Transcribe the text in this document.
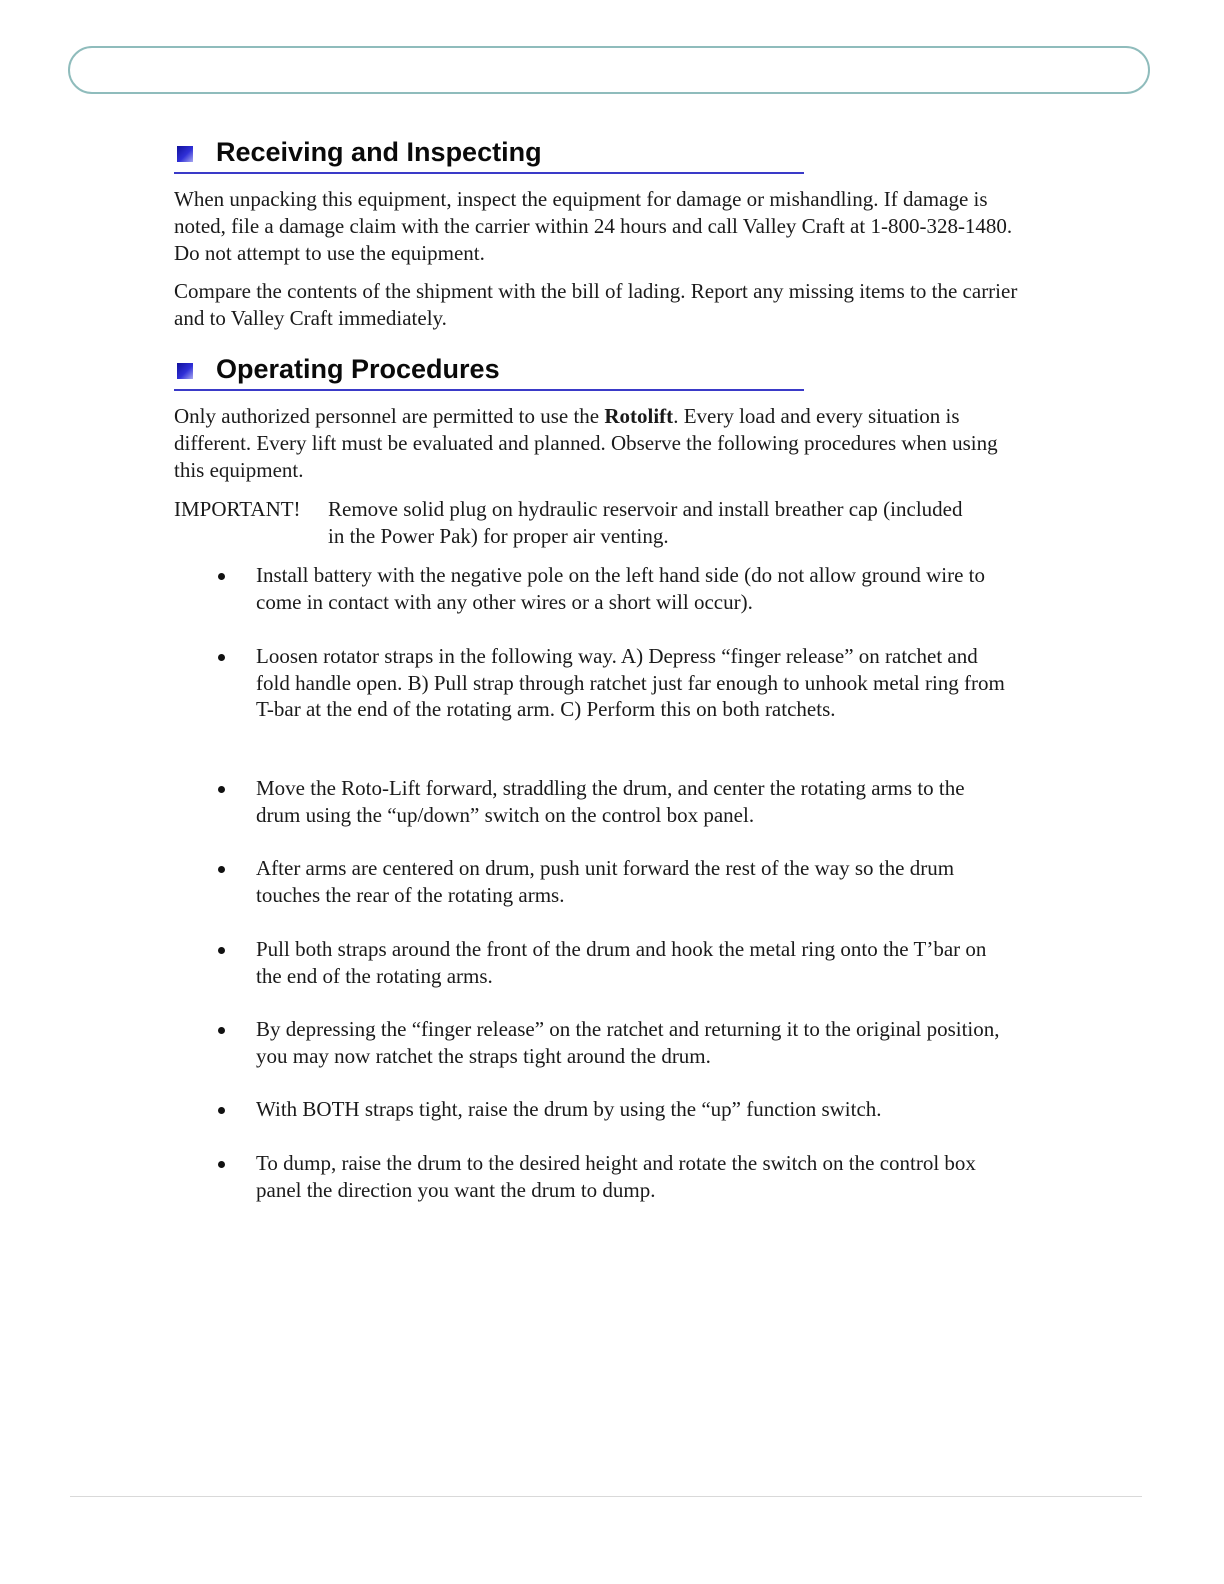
Receiving and Inspecting

When unpacking this equipment, inspect the equipment for damage or mishandling. If damage is noted, file a damage claim with the carrier within 24 hours and call Valley Craft at 1-800-328-1480. Do not attempt to use the equipment.

Compare the contents of the shipment with the bill of lading. Report any missing items to the carrier and to Valley Craft immediately.

Operating Procedures

Only authorized personnel are permitted to use the Rotolift. Every load and every situation is different. Every lift must be evaluated and planned. Observe the following procedures when using this equipment.

IMPORTANT! Remove solid plug on hydraulic reservoir and install breather cap (included in the Power Pak) for proper air venting.
Install battery with the negative pole on the left hand side (do not allow ground wire to come in contact with any other wires or a short will occur).
Loosen rotator straps in the following way. A) Depress “finger release” on ratchet and fold handle open. B) Pull strap through ratchet just far enough to unhook metal ring from T-bar at the end of the rotating arm. C) Perform this on both ratchets.
Move the Roto-Lift forward, straddling the drum, and center the rotating arms to the drum using the “up/down” switch on the control box panel.
After arms are centered on drum, push unit forward the rest of the way so the drum touches the rear of the rotating arms.
Pull both straps around the front of the drum and hook the metal ring onto the T’bar on the end of the rotating arms.
By depressing the “finger release” on the ratchet and returning it to the original position, you may now ratchet the straps tight around the drum.
With BOTH straps tight, raise the drum by using the “up” function switch.
To dump, raise the drum to the desired height and rotate the switch on the control box panel the direction you want the drum to dump.
